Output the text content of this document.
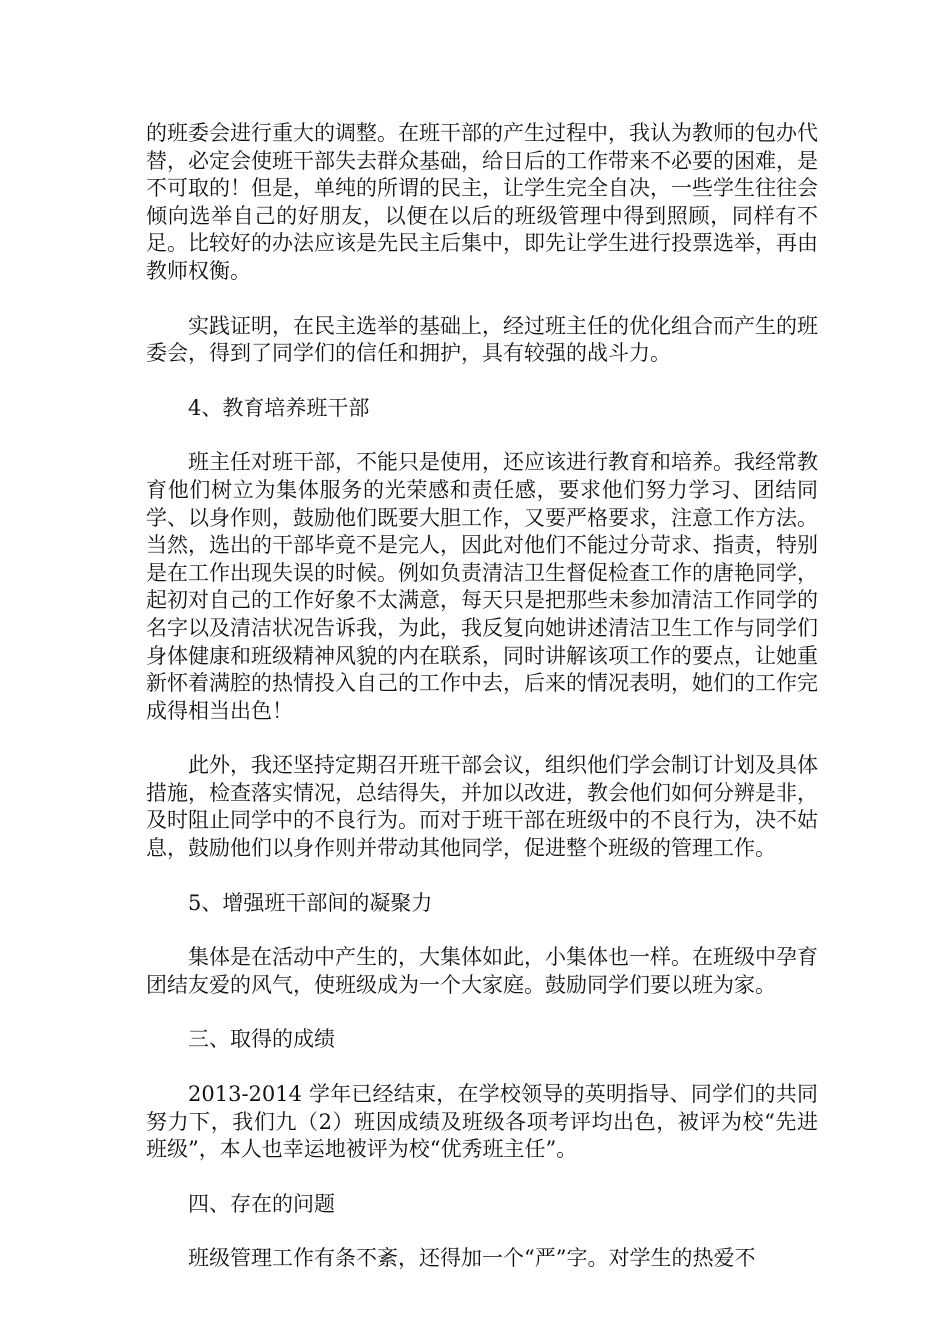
的班委会进行重大的调整。在班干部的产生过程中，我认为教师的包办代替，必定会使班干部失去群众基础，给日后的工作带来不必要的困难，是不可取的！但是，单纯的所谓的民主，让学生完全自决，一些学生往往会倾向选举自己的好朋友，以便在以后的班级管理中得到照顾，同样有不足。比较好的办法应该是先民主后集中，即先让学生进行投票选举，再由教师权衡。

实践证明，在民主选举的基础上，经过班主任的优化组合而产生的班委会，得到了同学们的信任和拥护，具有较强的战斗力。

4、教育培养班干部

班主任对班干部，不能只是使用，还应该进行教育和培养。我经常教育他们树立为集体服务的光荣感和责任感，要求他们努力学习、团结同学、以身作则，鼓励他们既要大胆工作，又要严格要求，注意工作方法。当然，选出的干部毕竟不是完人，因此对他们不能过分苛求、指责，特别是在工作出现失误的时候。例如负责清洁卫生督促检查工作的唐艳同学，起初对自己的工作好象不太满意，每天只是把那些未参加清洁工作同学的名字以及清洁状况告诉我，为此，我反复向她讲述清洁卫生工作与同学们身体健康和班级精神风貌的内在联系，同时讲解该项工作的要点，让她重新怀着满腔的热情投入自己的工作中去，后来的情况表明，她们的工作完成得相当出色！

此外，我还坚持定期召开班干部会议，组织他们学会制订计划及具体措施，检查落实情况，总结得失，并加以改进，教会他们如何分辨是非，及时阻止同学中的不良行为。而对于班干部在班级中的不良行为，决不姑息，鼓励他们以身作则并带动其他同学，促进整个班级的管理工作。

5、增强班干部间的凝聚力

集体是在活动中产生的，大集体如此，小集体也一样。在班级中孕育团结友爱的风气，使班级成为一个大家庭。鼓励同学们要以班为家。

三、取得的成绩

2013-2014 学年已经结束，在学校领导的英明指导、同学们的共同努力下，我们九（2）班因成绩及班级各项考评均出色，被评为校“先进班级”，本人也幸运地被评为校“优秀班主任”。

四、存在的问题

班级管理工作有条不紊，还得加一个“严”字。对学生的热爱不
